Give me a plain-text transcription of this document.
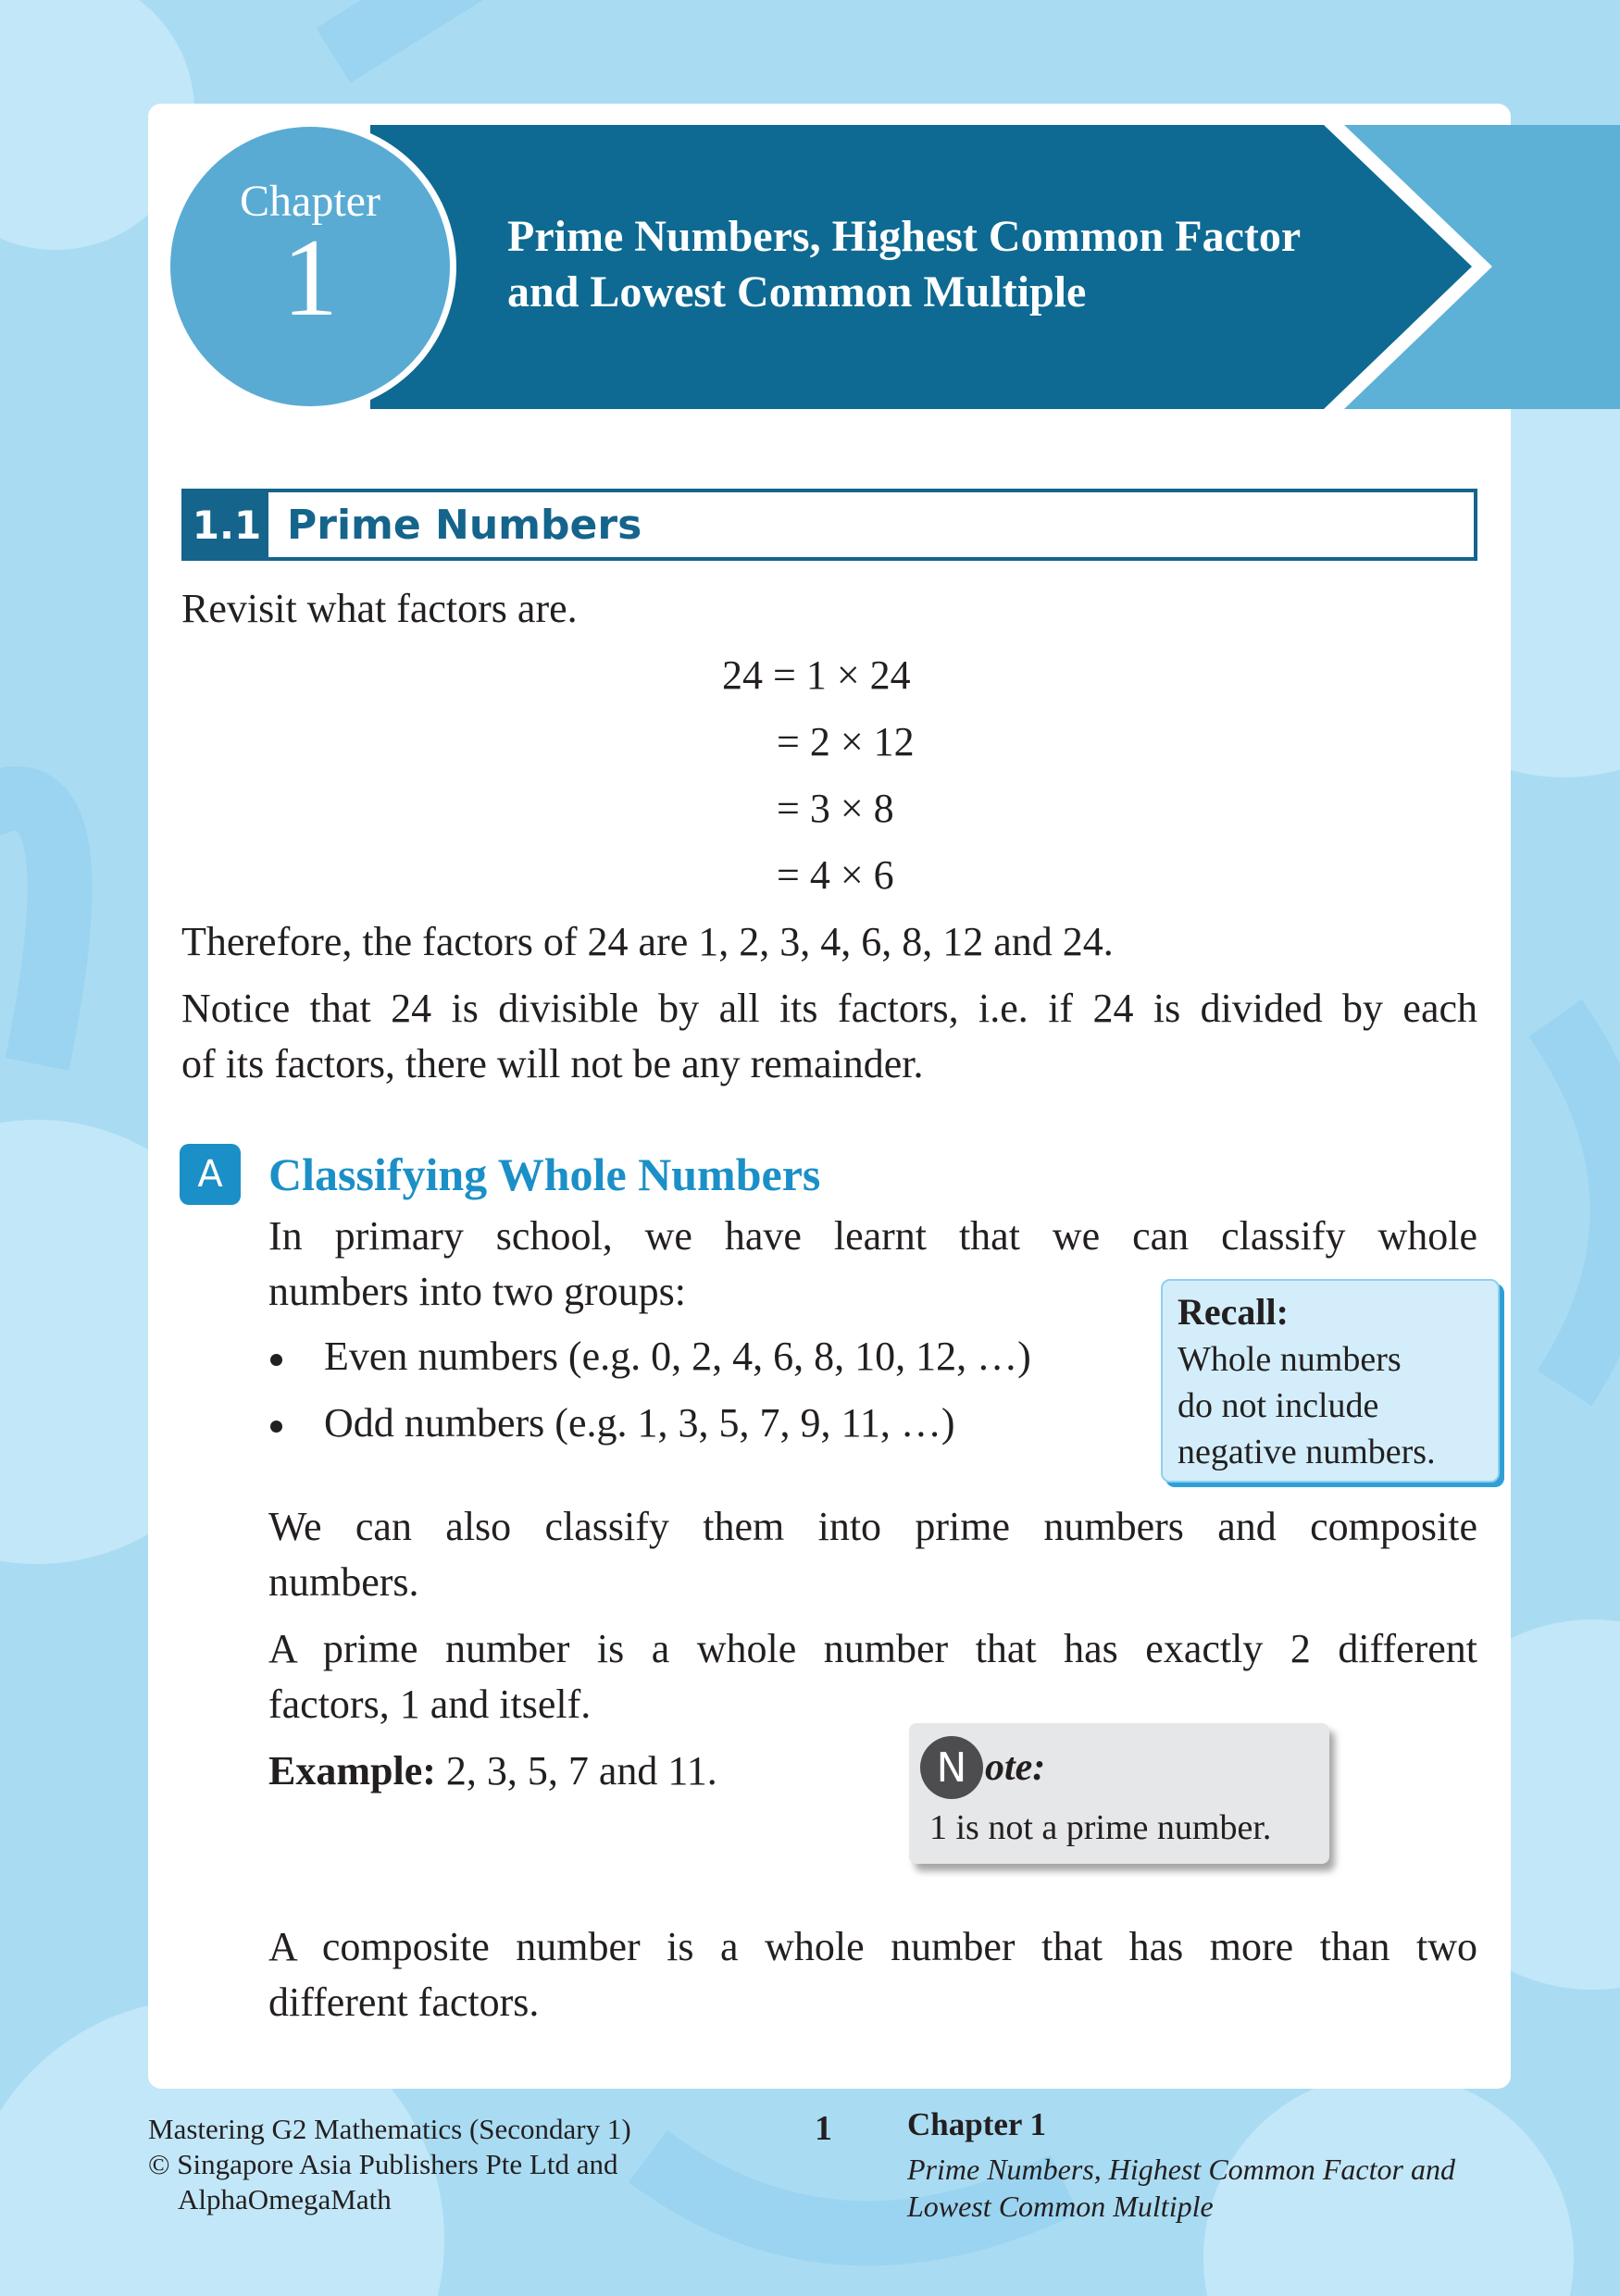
Chapter
1	Prime Numbers, Highest Common Factor
and Lowest Common Multiple
1.1 Prime Numbers
Revisit what factors are.
24 = 1 × 24
= 2 × 12
= 3 × 8
= 4 × 6
Therefore, the factors of 24 are 1, 2, 3, 4, 6, 8, 12 and 24.
Notice that 24 is divisible by all its factors, i.e. if 24 is divided by each
of its factors, there will not be any remainder.
A Classifying Whole Numbers
In primary school, we have learnt that we can classify whole
numbers into two groups:
Even numbers (e.g. 0, 2, 4, 6, 8, 10, 12, …)
Odd numbers (e.g. 1, 3, 5, 7, 9, 11, …)
Recall:
Whole numbers
do not include
negative numbers.
We can also classify them into prime numbers and composite
numbers.
A prime number is a whole number that has exactly 2 different
factors, 1 and itself.
Example: 2, 3, 5, 7 and 11.	N ote:
1 is not a prime number.
A composite number is a whole number that has more than two
different factors.
Mastering G2 Mathematics (Secondary 1)
© Singapore Asia Publishers Pte Ltd and
AlphaOmegaMath
1 Chapter 1
Prime Numbers, Highest Common Factor and
Lowest Common Multiple
